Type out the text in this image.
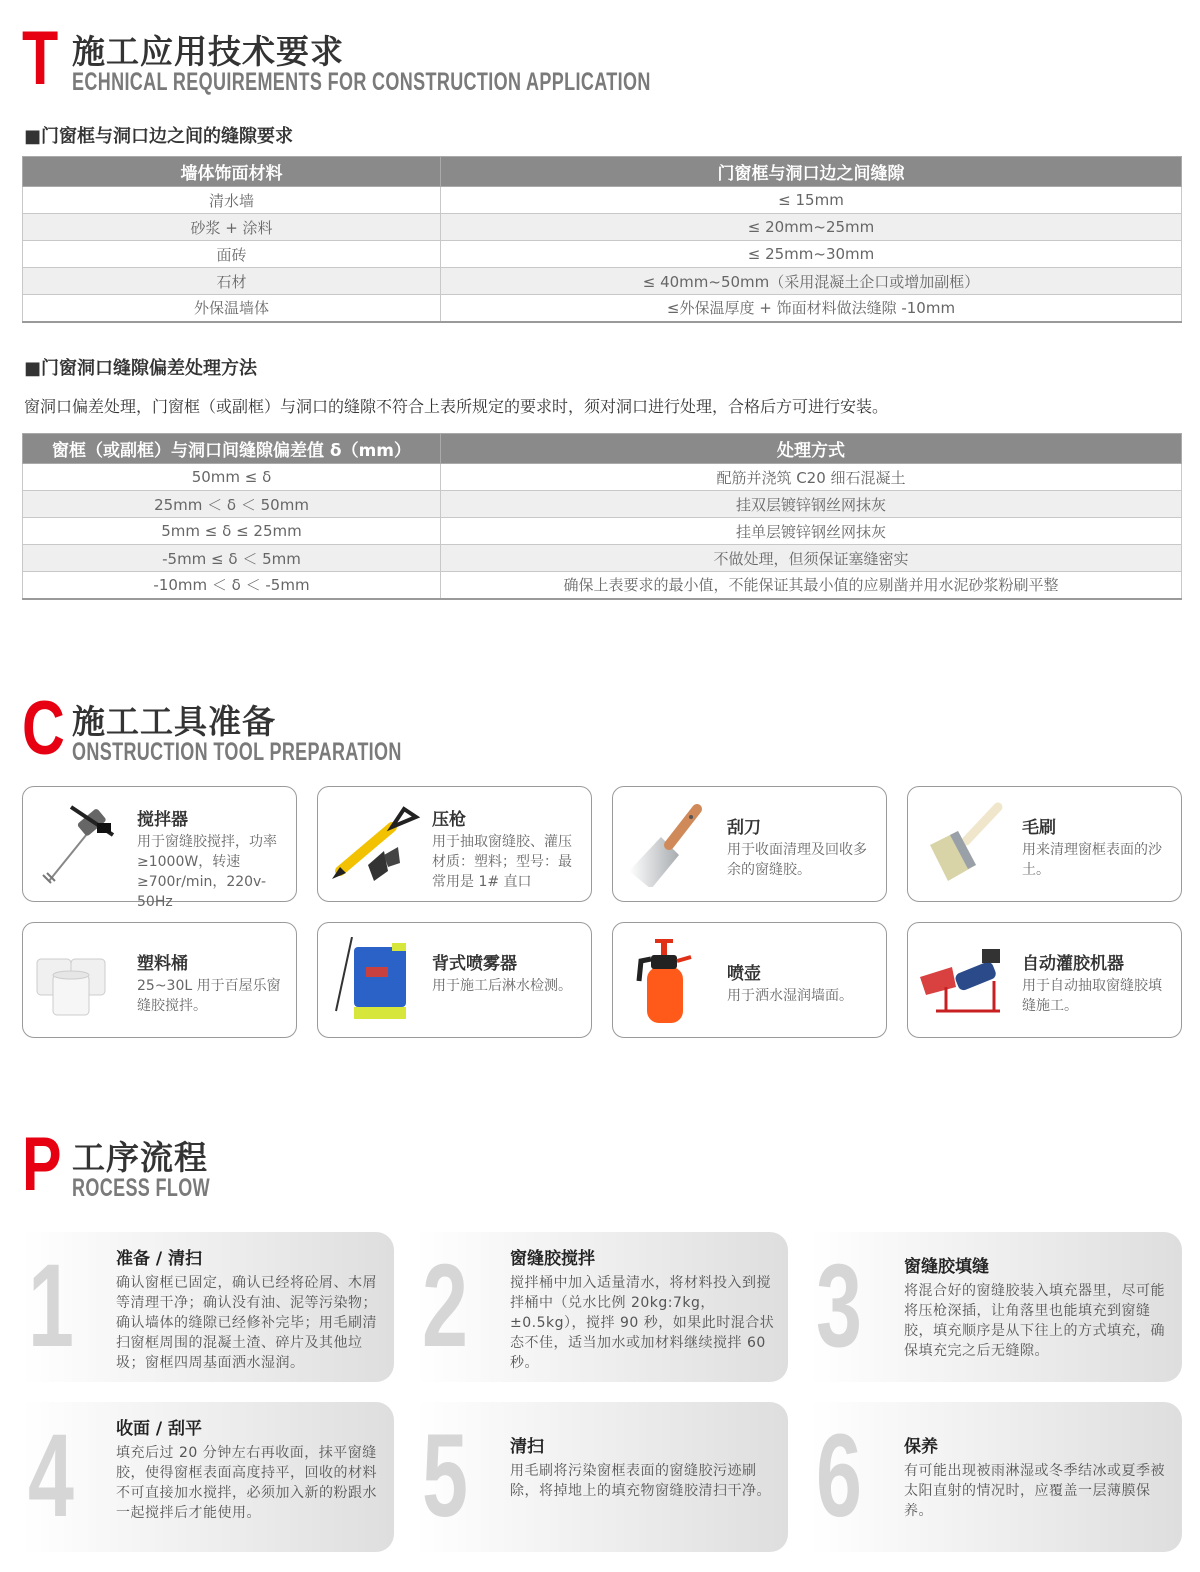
T 施工应用技术要求
ECHNICAL REQUIREMENTS FOR CONSTRUCTION APPLICATION
■门窗框与洞口边之间的缝隙要求
墙体饰面材料	门窗框与洞口边之间缝隙
清水墙	≤ 15mm
砂浆 + 涂料	≤ 20mm~25mm
面砖	≤ 25mm~30mm
石材	≤ 40mm~50mm（采用混凝土企口或增加副框）
外保温墙体	≤外保温厚度 + 饰面材料做法缝隙 -10mm
■门窗洞口缝隙偏差处理方法
窗洞口偏差处理，门窗框（或副框）与洞口的缝隙不符合上表所规定的要求时，须对洞口进行处理，合格后方可进行安装。
窗框（或副框）与洞口间缝隙偏差值 δ（mm）	处理方式
50mm ≤ δ	配筋并浇筑 C20 细石混凝土
25mm ＜ δ ＜ 50mm	挂双层镀锌钢丝网抹灰
5mm ≤ δ ≤ 25mm	挂单层镀锌钢丝网抹灰
-5mm ≤ δ ＜ 5mm	不做处理，但须保证塞缝密实
-10mm ＜ δ ＜ -5mm	确保上表要求的最小值，不能保证其最小值的应剔凿并用水泥砂浆粉刷平整
C 施工工具准备
ONSTRUCTION TOOL PREPARATION
搅拌器
用于窗缝胶搅拌，功率≥1000W，转速≥700r/min，220v-50Hz
压枪
用于抽取窗缝胶、灌压材质：塑料；型号：最常用是 1# 直口
刮刀
用于收面清理及回收多余的窗缝胶。
毛刷
用来清理窗框表面的沙土。
塑料桶
25~30L 用于百屋乐窗缝胶搅拌。
背式喷雾器
用于施工后淋水检测。
喷壶
用于洒水湿润墙面。
自动灌胶机器
用于自动抽取窗缝胶填缝施工。
P 工序流程
ROCESS FLOW
1 准备 / 清扫
确认窗框已固定，确认已经将砼屑、木屑等清理干净；确认没有油、泥等污染物；确认墙体的缝隙已经修补完毕；用毛刷清扫窗框周围的混凝土渣、碎片及其他垃圾；窗框四周基面洒水湿润。 2 窗缝胶搅拌
搅拌桶中加入适量清水，将材料投入到搅拌桶中（兑水比例 20kg:7kg，±0.5kg），搅拌 90 秒，如果此时混合状态不佳，适当加水或加材料继续搅拌 60 秒。	3 窗缝胶填缝
将混合好的窗缝胶装入填充器里，尽可能将压枪深插，让角落里也能填充到窗缝胶，填充顺序是从下往上的方式填充，确保填充完之后无缝隙。
4 收面 / 刮平
填充后过 20 分钟左右再收面，抹平窗缝胶，使得窗框表面高度持平，回收的材料不可直接加水搅拌，必须加入新的粉跟水一起搅拌后才能使用。	5 清扫
用毛刷将污染窗框表面的窗缝胶污迹刷除，将掉地上的填充物窗缝胶清扫干净。 6 保养
有可能出现被雨淋湿或冬季结冰或夏季被太阳直射的情况时，应覆盖一层薄膜保养。
